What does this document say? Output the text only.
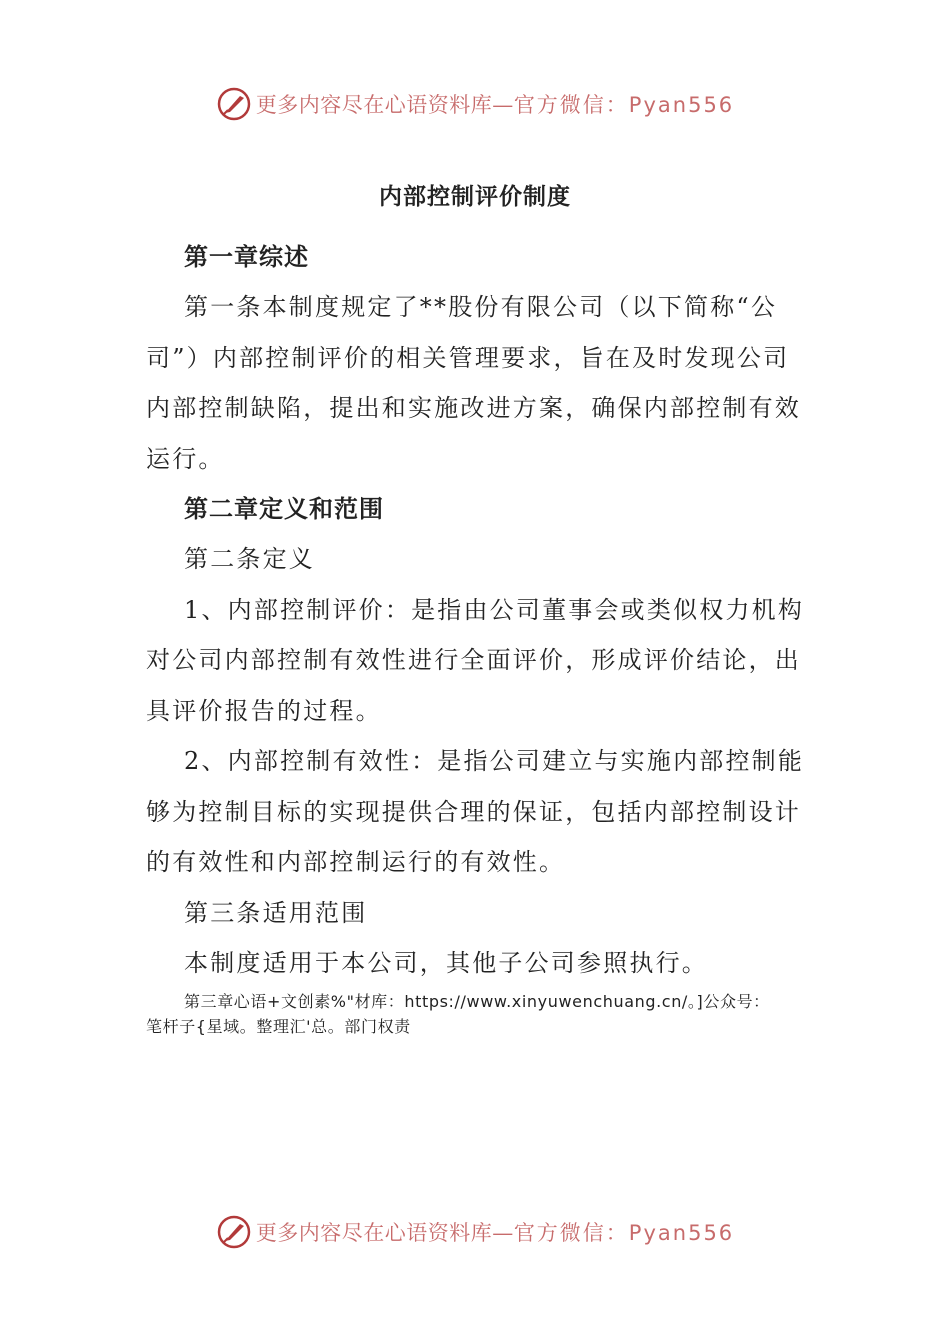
更多内容尽在心语资料库—官方微信：Pyan556
内部控制评价制度
第一章综述
第一条本制度规定了**股份有限公司（以下简称“公
司”）内部控制评价的相关管理要求，旨在及时发现公司
内部控制缺陷，提出和实施改进方案，确保内部控制有效
运行。
第二章定义和范围
第二条定义
1、内部控制评价：是指由公司董事会或类似权力机构
对公司内部控制有效性进行全面评价，形成评价结论，出
具评价报告的过程。
2、内部控制有效性：是指公司建立与实施内部控制能
够为控制目标的实现提供合理的保证，包括内部控制设计
的有效性和内部控制运行的有效性。
第三条适用范围
本制度适用于本公司，其他子公司参照执行。
第三章心语+文创素%"材库：https://www.xinyuwenchuang.cn/。]公众号：
笔杆子{星域。整理汇'总。部门权责
更多内容尽在心语资料库—官方微信：Pyan556
